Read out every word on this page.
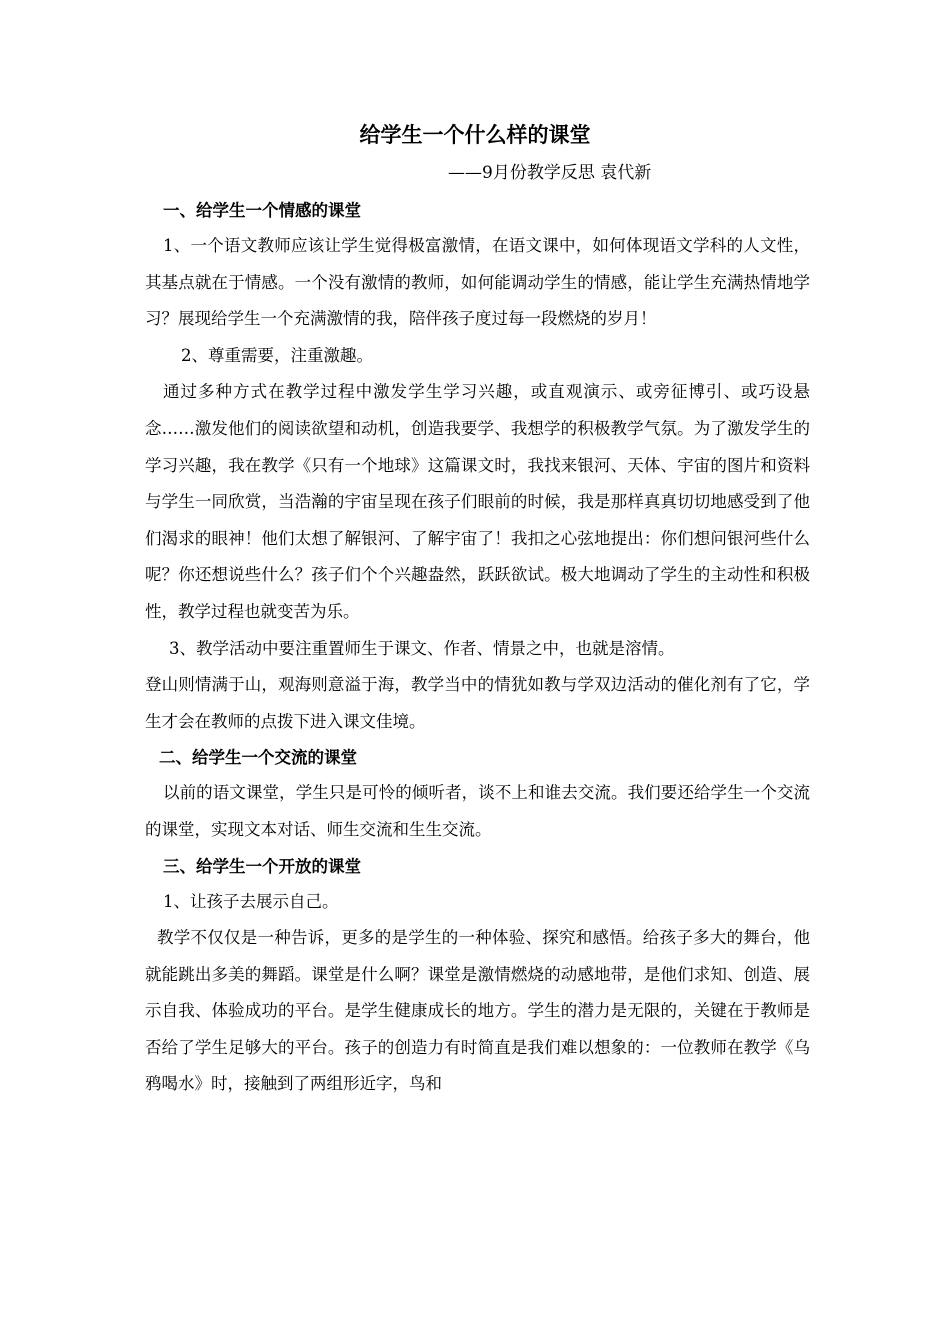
给学生一个什么样的课堂
——9月份教学反思 袁代新
一、给学生一个情感的课堂

1、一个语文教师应该让学生觉得极富激情，在语文课中，如何体现语文学科的人文性，其基点就在于情感。一个没有激情的教师，如何能调动学生的情感，能让学生充满热情地学习？展现给学生一个充满激情的我，陪伴孩子度过每一段燃烧的岁月！

2、尊重需要，注重激趣。

通过多种方式在教学过程中激发学生学习兴趣，或直观演示、或旁征博引、或巧设悬念……激发他们的阅读欲望和动机，创造我要学、我想学的积极教学气氛。为了激发学生的学习兴趣，我在教学《只有一个地球》这篇课文时，我找来银河、天体、宇宙的图片和资料与学生一同欣赏，当浩瀚的宇宙呈现在孩子们眼前的时候，我是那样真真切切地感受到了他们渴求的眼神！他们太想了解银河、了解宇宙了！我扣之心弦地提出：你们想问银河些什么呢？你还想说些什么？孩子们个个兴趣盎然，跃跃欲试。极大地调动了学生的主动性和积极性，教学过程也就变苦为乐。

3、教学活动中要注重置师生于课文、作者、情景之中，也就是溶情。

登山则情满于山，观海则意溢于海，教学当中的情犹如教与学双边活动的催化剂有了它，学生才会在教师的点拨下进入课文佳境。

二、给学生一个交流的课堂

以前的语文课堂，学生只是可怜的倾听者，谈不上和谁去交流。我们要还给学生一个交流的课堂，实现文本对话、师生交流和生生交流。

三、给学生一个开放的课堂

1、让孩子去展示自己。

教学不仅仅是一种告诉，更多的是学生的一种体验、探究和感悟。给孩子多大的舞台，他就能跳出多美的舞蹈。课堂是什么啊？课堂是激情燃烧的动感地带，是他们求知、创造、展示自我、体验成功的平台。是学生健康成长的地方。学生的潜力是无限的，关键在于教师是否给了学生足够大的平台。孩子的创造力有时简直是我们难以想象的：一位教师在教学《乌鸦喝水》时，接触到了两组形近字，鸟和
